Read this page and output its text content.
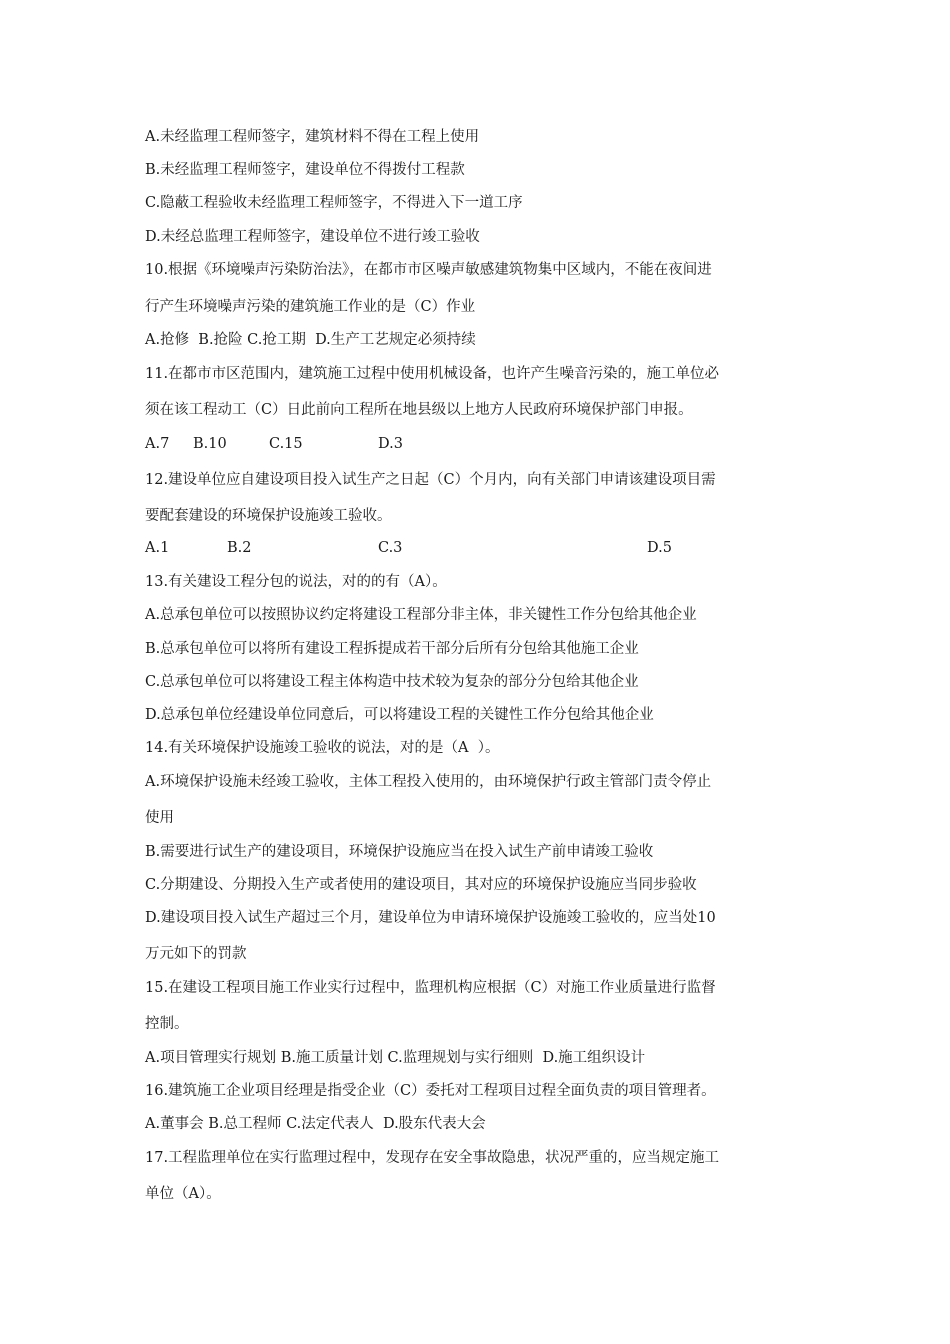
A.未经监理工程师签字，建筑材料不得在工程上使用
B.未经监理工程师签字，建设单位不得拨付工程款
C.隐蔽工程验收未经监理工程师签字，不得进入下一道工序
D.未经总监理工程师签字，建设单位不进行竣工验收
10.根据《环境噪声污染防治法》，在都市市区噪声敏感建筑物集中区域内，不能在夜间进
行产生环境噪声污染的建筑施工作业的是（C）作业
A.抢修  B.抢险 C.抢工期  D.生产工艺规定必须持续
11.在都市市区范围内，建筑施工过程中使用机械设备，也许产生噪音污染的，施工单位必
须在该工程动工（C）日此前向工程所在地县级以上地方人民政府环境保护部门申报。
12.建设单位应自建设项目投入试生产之日起（C）个月内，向有关部门申请该建设项目需
要配套建设的环境保护设施竣工验收。
13.有关建设工程分包的说法，对的的有（A）。
A.总承包单位可以按照协议约定将建设工程部分非主体，非关键性工作分包给其他企业
B.总承包单位可以将所有建设工程拆提成若干部分后所有分包给其他施工企业
C.总承包单位可以将建设工程主体构造中技术较为复杂的部分分包给其他企业
D.总承包单位经建设单位同意后，可以将建设工程的关键性工作分包给其他企业
14.有关环境保护设施竣工验收的说法，对的是（A  ）。
A.环境保护设施未经竣工验收，主体工程投入使用的，由环境保护行政主管部门责令停止
使用
B.需要进行试生产的建设项目，环境保护设施应当在投入试生产前申请竣工验收
C.分期建设、分期投入生产或者使用的建设项目，其对应的环境保护设施应当同步验收
D.建设项目投入试生产超过三个月，建设单位为申请环境保护设施竣工验收的，应当处10
万元如下的罚款
15.在建设工程项目施工作业实行过程中，监理机构应根据（C）对施工作业质量进行监督
控制。
A.项目管理实行规划 B.施工质量计划 C.监理规划与实行细则  D.施工组织设计
16.建筑施工企业项目经理是指受企业（C）委托对工程项目过程全面负责的项目管理者。
A.董事会 B.总工程师 C.法定代表人  D.股东代表大会
17.工程监理单位在实行监理过程中，发现存在安全事故隐患，状况严重的，应当规定施工
单位（A）。
A.7 B.10	C.15	D.3
A.1	B.2	C.3	D.5
